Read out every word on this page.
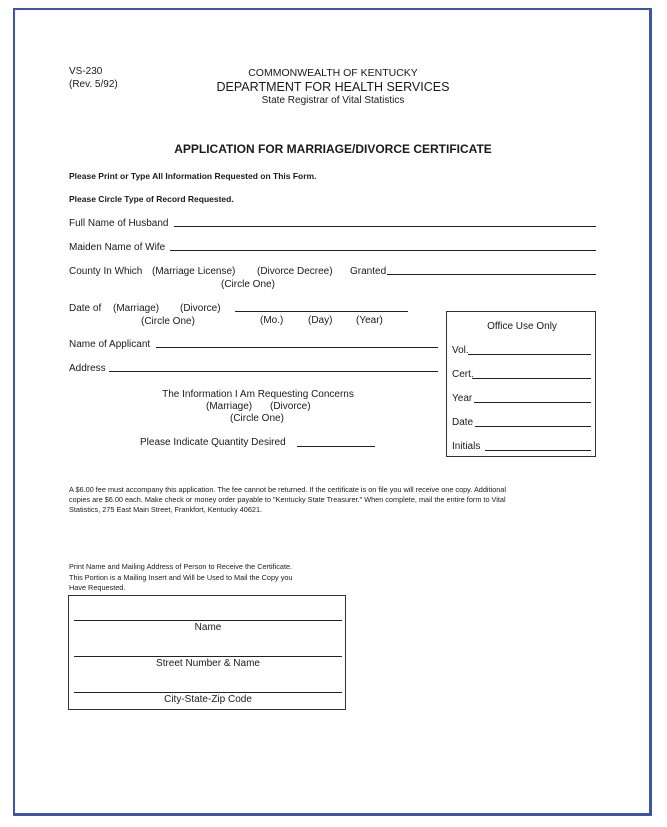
VS-230
(Rev. 5/92)
COMMONWEALTH OF KENTUCKY
DEPARTMENT FOR HEALTH SERVICES
State Registrar of Vital Statistics
APPLICATION FOR MARRIAGE/DIVORCE CERTIFICATE
Please Print or Type All Information Requested on This Form.
Please Circle Type of Record Requested.
Full Name of Husband
Maiden Name of Wife
County In Which (Marriage License) (Divorce Decree) Granted
(Circle One)
Date of (Marriage) (Divorce)
(Circle One)	(Mo.) (Day) (Year)
Name of Applicant
Address
The Information I Am Requesting Concerns
(Marriage) (Divorce)
(Circle One)
Please Indicate Quantity Desired
Office Use Only
Vol.
Cert.
Year
Date
Initials
A $6.00 fee must accompany this application. The fee cannot be returned. If the certificate is on file you will receive one copy. Additional
copies are $6.00 each. Make check or money order payable to "Kentucky State Treasurer." When complete, mail the entire form to Vital
Statistics, 275 East Main Street, Frankfort, Kentucky 40621.
Print Name and Mailing Address of Person to Receive the Certificate.
This Portion is a Mailing Insert and Will be Used to Mail the Copy you
Have Requested.
Name
Street Number & Name
City-State-Zip Code
